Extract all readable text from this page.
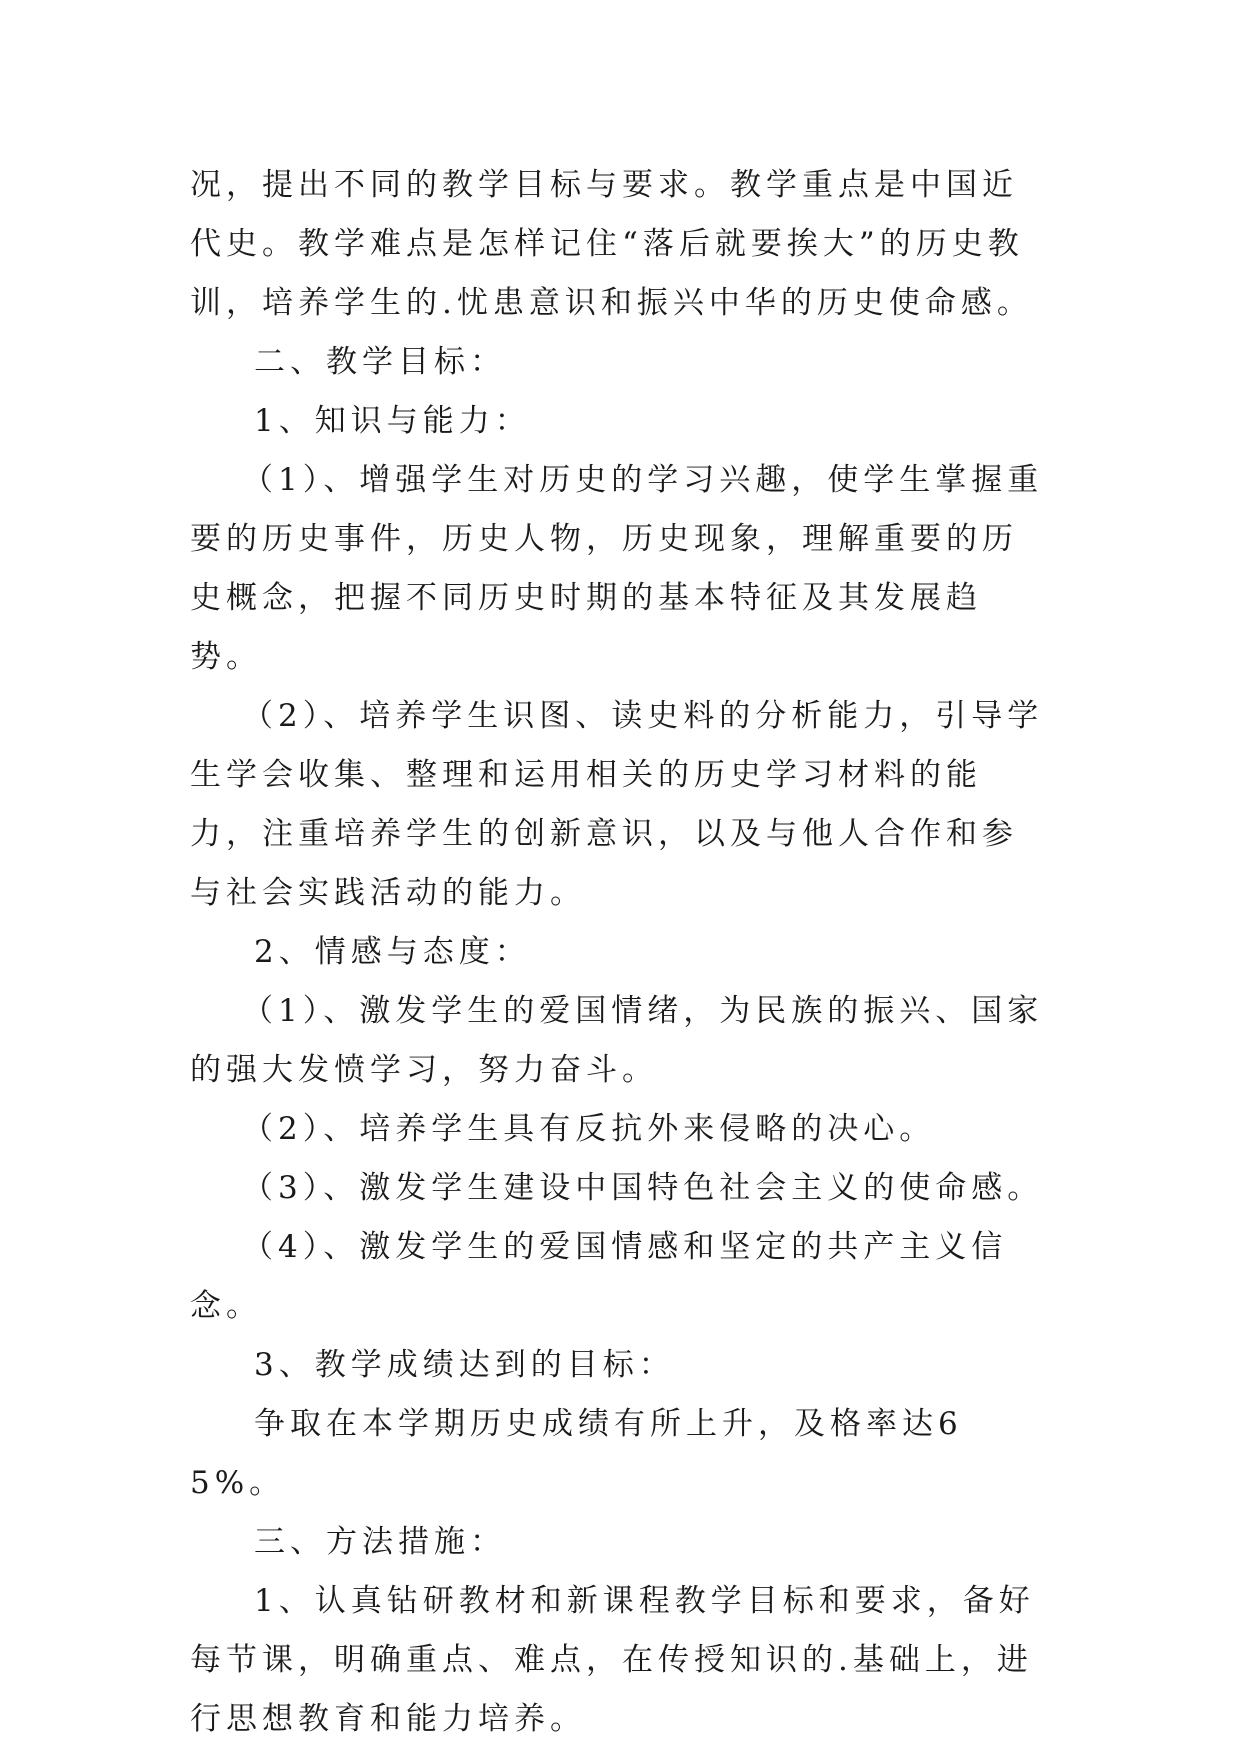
况，提出不同的教学目标与要求。教学重点是中国近代史。教学难点是怎样记住“落后就要挨大”的历史教训，培养学生的.忧患意识和振兴中华的历史使命感。

二、教学目标：

1、知识与能力：

（1）、增强学生对历史的学习兴趣，使学生掌握重要的历史事件，历史人物，历史现象，理解重要的历史概念，把握不同历史时期的基本特征及其发展趋势。

（2）、培养学生识图、读史料的分析能力，引导学生学会收集、整理和运用相关的历史学习材料的能力，注重培养学生的创新意识，以及与他人合作和参与社会实践活动的能力。

2、情感与态度：

（1）、激发学生的爱国情绪，为民族的振兴、国家的强大发愤学习，努力奋斗。

（2）、培养学生具有反抗外来侵略的决心。

（3）、激发学生建设中国特色社会主义的使命感。

（4）、激发学生的爱国情感和坚定的共产主义信念。

3、教学成绩达到的目标：

争取在本学期历史成绩有所上升，及格率达65%。

三、方法措施：

1、认真钻研教材和新课程教学目标和要求，备好每节课，明确重点、难点，在传授知识的.基础上，进行思想教育和能力培养。
